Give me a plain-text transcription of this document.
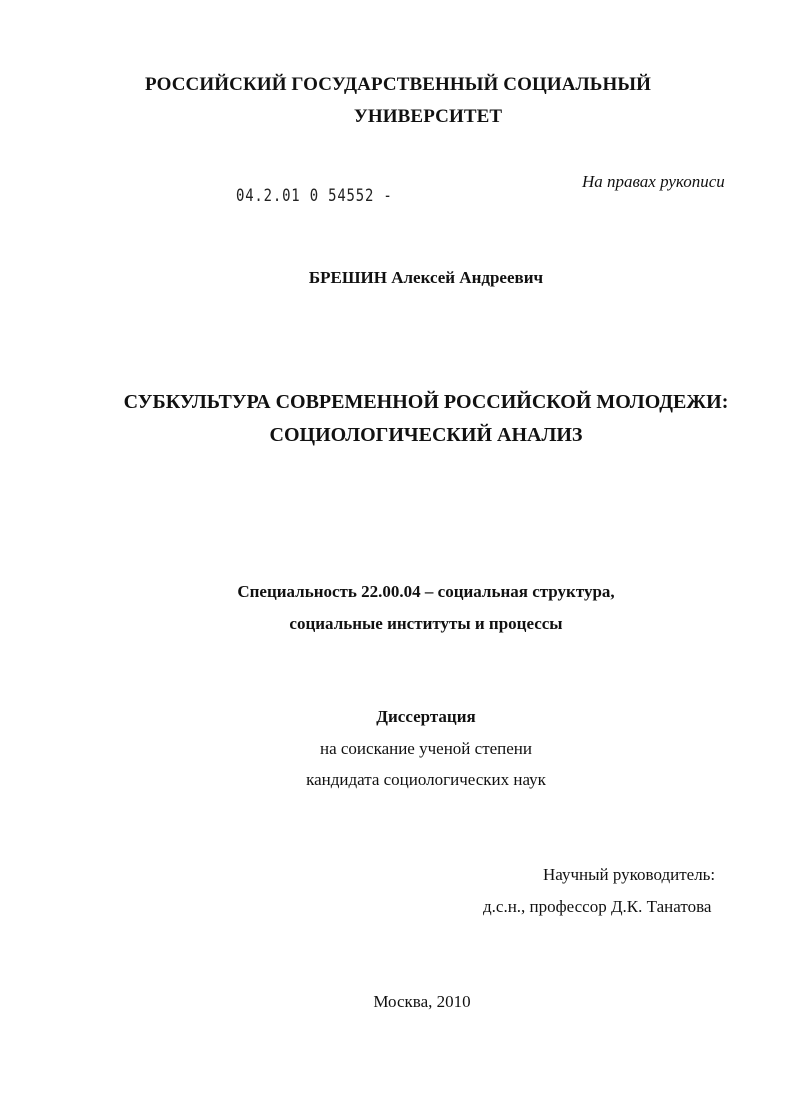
РОССИЙСКИЙ ГОСУДАРСТВЕННЫЙ СОЦИАЛЬНЫЙ
УНИВЕРСИТЕТ
04.2.01 0 54552 -
На правах рукописи
БРЕШИН Алексей Андреевич
СУБКУЛЬТУРА СОВРЕМЕННОЙ РОССИЙСКОЙ МОЛОДЕЖИ:
СОЦИОЛОГИЧЕСКИЙ АНАЛИЗ
Специальность 22.00.04 – социальная структура,
социальные институты и процессы
Диссертация
на соискание ученой степени
кандидата социологических наук
Научный руководитель:
д.с.н., профессор Д.К. Танатова
Москва, 2010
